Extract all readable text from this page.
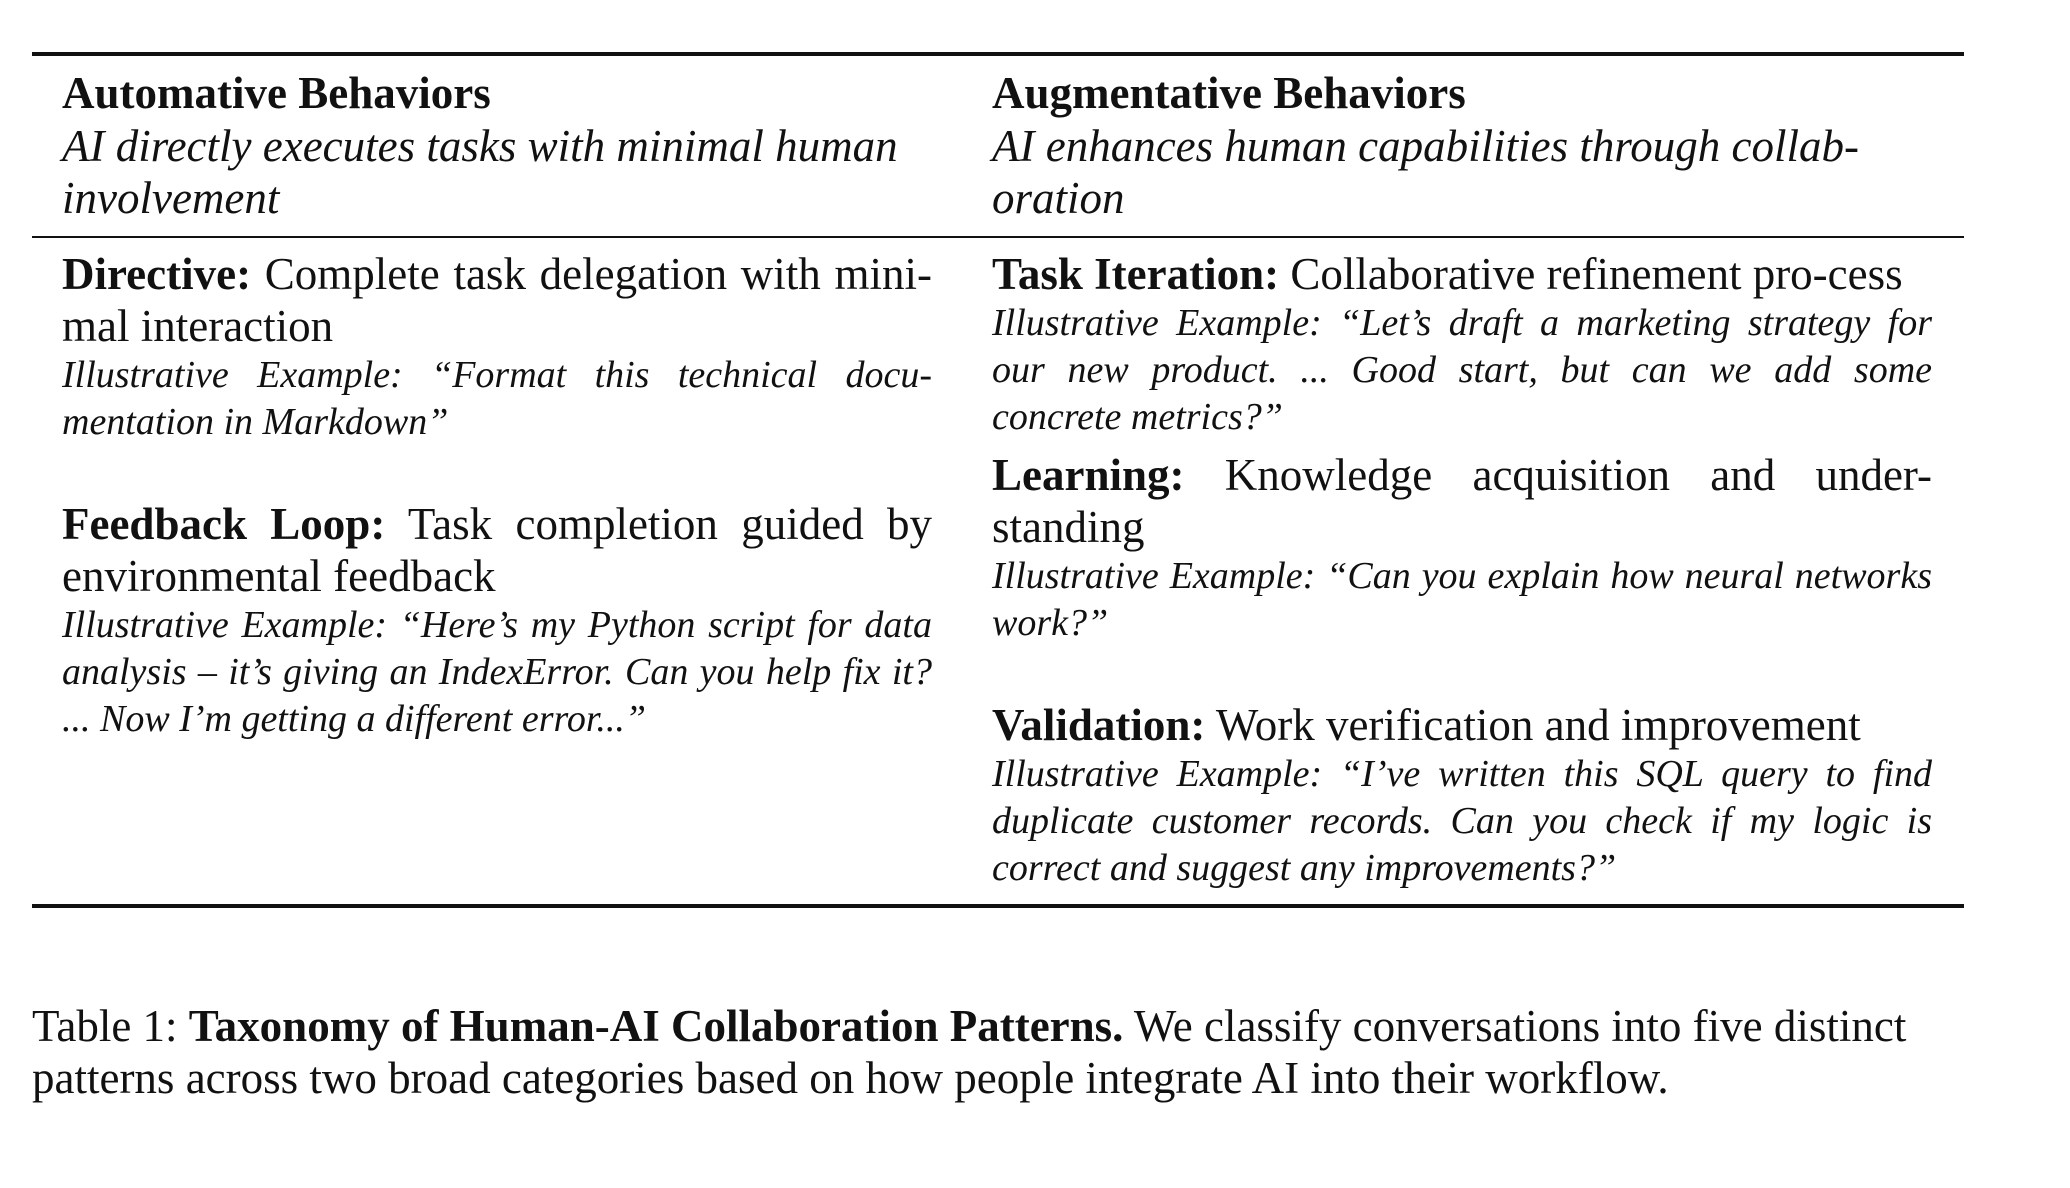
Automative Behaviors
AI directly executes tasks with minimal human involvement
Augmentative Behaviors
AI enhances human capabilities through collab-oration
Directive: Complete task delegation with mini-mal interaction
Illustrative Example: “Format this technical docu-mentation in Markdown”
Feedback Loop: Task completion guided by environmental feedback
Illustrative Example: “Here’s my Python script for data analysis – it’s giving an IndexError. Can you help fix it? ... Now I’m getting a different error...”
Task Iteration: Collaborative refinement pro-cess
Illustrative Example: “Let’s draft a marketing strategy for our new product. ... Good start, but can we add some concrete metrics?”
Learning: Knowledge acquisition and under-standing
Illustrative Example: “Can you explain how neural networks work?”
Validation: Work verification and improvement
Illustrative Example: “I’ve written this SQL query to find duplicate customer records. Can you check if my logic is correct and suggest any improvements?”
Table 1: Taxonomy of Human-AI Collaboration Patterns. We classify conversations into five distinct patterns across two broad categories based on how people integrate AI into their workflow.
